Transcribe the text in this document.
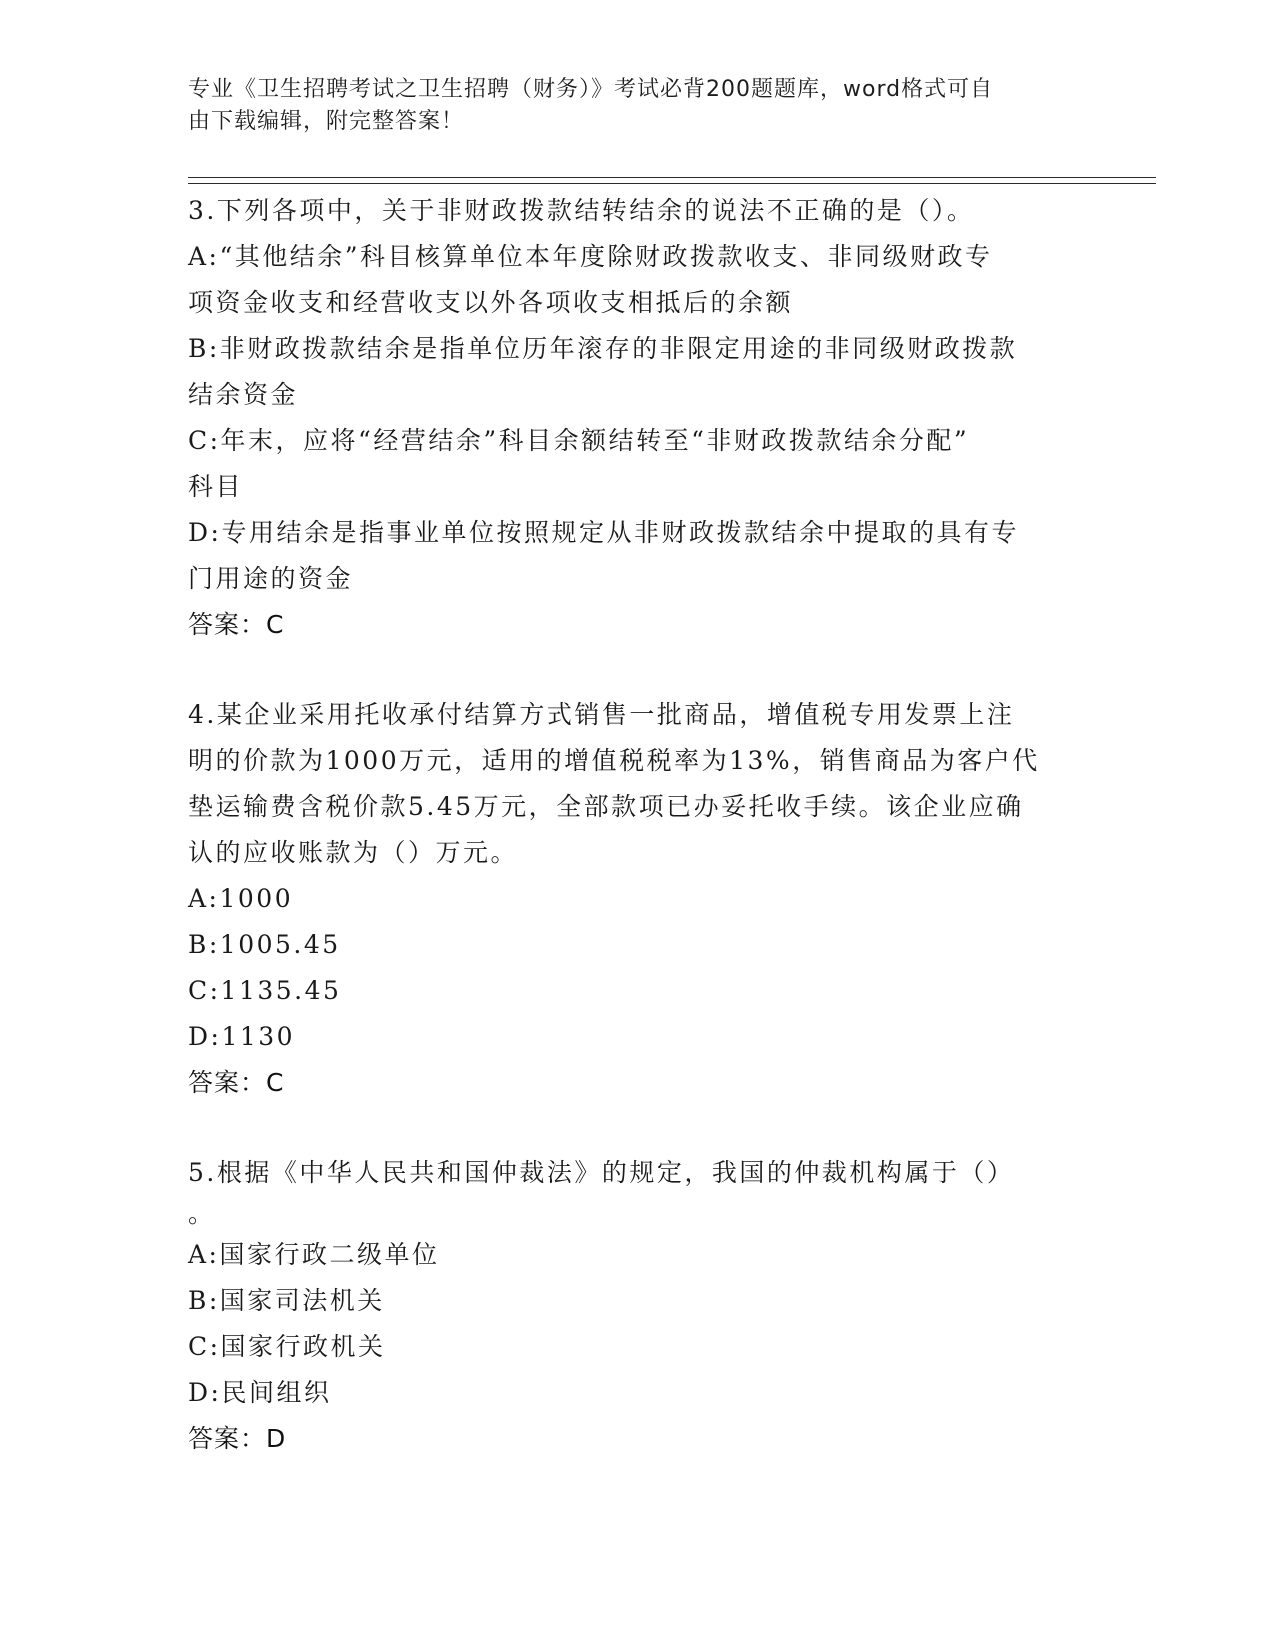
专业《卫生招聘考试之卫生招聘（财务）》考试必背200题题库，word格式可自
由下载编辑，附完整答案！
3.下列各项中，关于非财政拨款结转结余的说法不正确的是（）。
A:“其他结余”科目核算单位本年度除财政拨款收支、非同级财政专
项资金收支和经营收支以外各项收支相抵后的余额
B:非财政拨款结余是指单位历年滚存的非限定用途的非同级财政拨款
结余资金
C:年末，应将“经营结余”科目余额结转至“非财政拨款结余分配”
科目
D:专用结余是指事业单位按照规定从非财政拨款结余中提取的具有专
门用途的资金
答案：C
4.某企业采用托收承付结算方式销售一批商品，增值税专用发票上注
明的价款为1000万元，适用的增值税税率为13%，销售商品为客户代
垫运输费含税价款5.45万元，全部款项已办妥托收手续。该企业应确
认的应收账款为（）万元。
A:1000
B:1005.45
C:1135.45
D:1130
答案：C
5.根据《中华人民共和国仲裁法》的规定，我国的仲裁机构属于（）
。
A:国家行政二级单位
B:国家司法机关
C:国家行政机关
D:民间组织
答案：D
